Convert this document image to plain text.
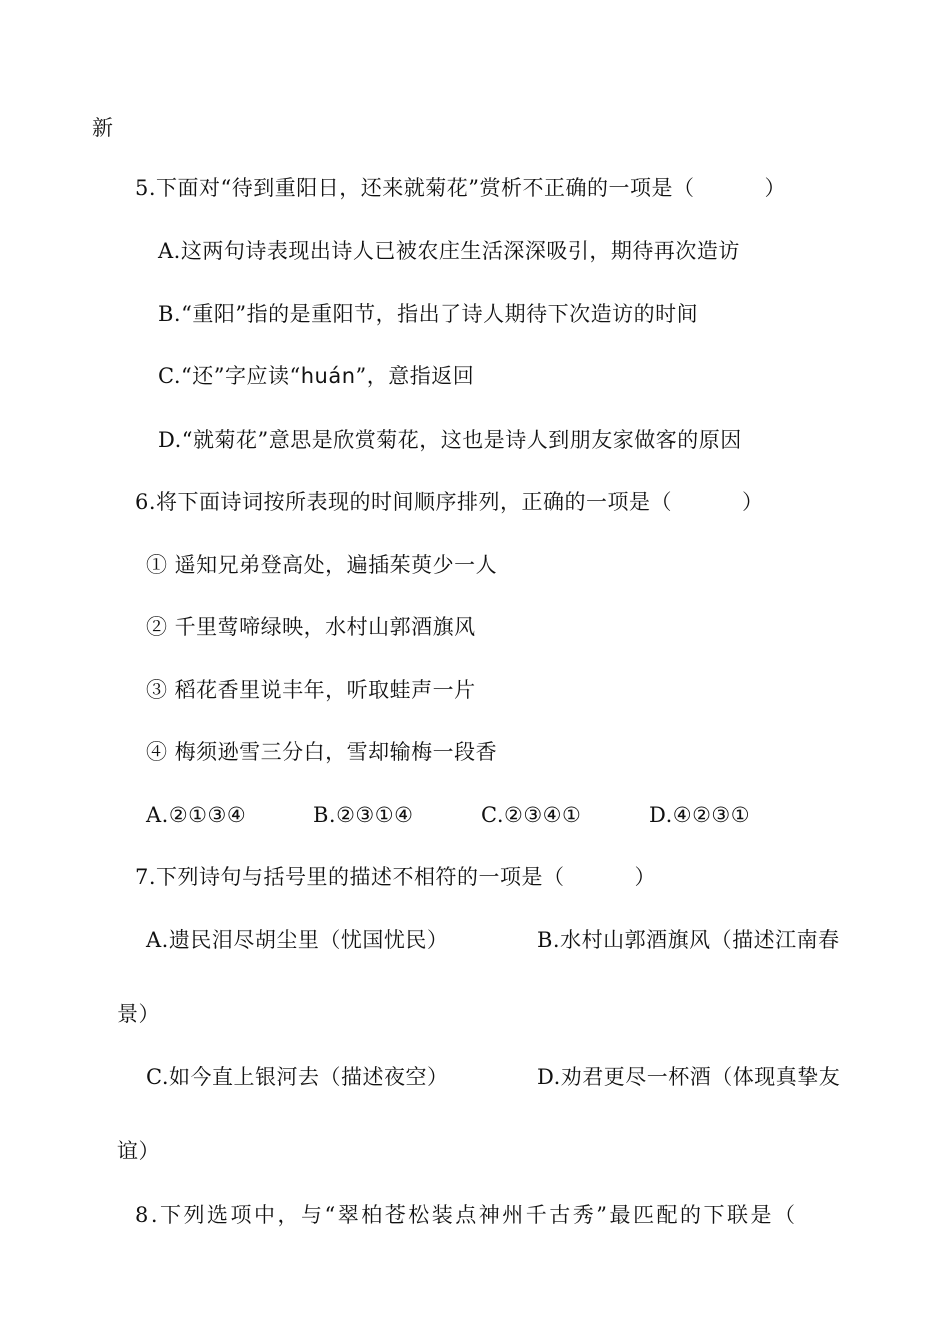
新
5.下面对“待到重阳日，还来就菊花”赏析不正确的一项是（	）
A.这两句诗表现出诗人已被农庄生活深深吸引，期待再次造访
B.“重阳”指的是重阳节，指出了诗人期待下次造访的时间
C.“还”字应读“huán”，意指返回
D.“就菊花”意思是欣赏菊花，这也是诗人到朋友家做客的原因
6.将下面诗词按所表现的时间顺序排列，正确的一项是（	）
① 遥知兄弟登高处，遍插茱萸少一人
② 千里莺啼绿映，水村山郭酒旗风
③ 稻花香里说丰年，听取蛙声一片
④ 梅须逊雪三分白，雪却输梅一段香
A.②①③④	B.②③①④	C.②③④①	D.④②③①
7.下列诗句与括号里的描述不相符的一项是（	）
A.遗民泪尽胡尘里（忧国忧民）	B.水村山郭酒旗风（描述江南春
景）
C.如今直上银河去（描述夜空）	D.劝君更尽一杯酒（体现真挚友
谊）
8.下列选项中，与“翠柏苍松装点神州千古秀”最匹配的下联是（
